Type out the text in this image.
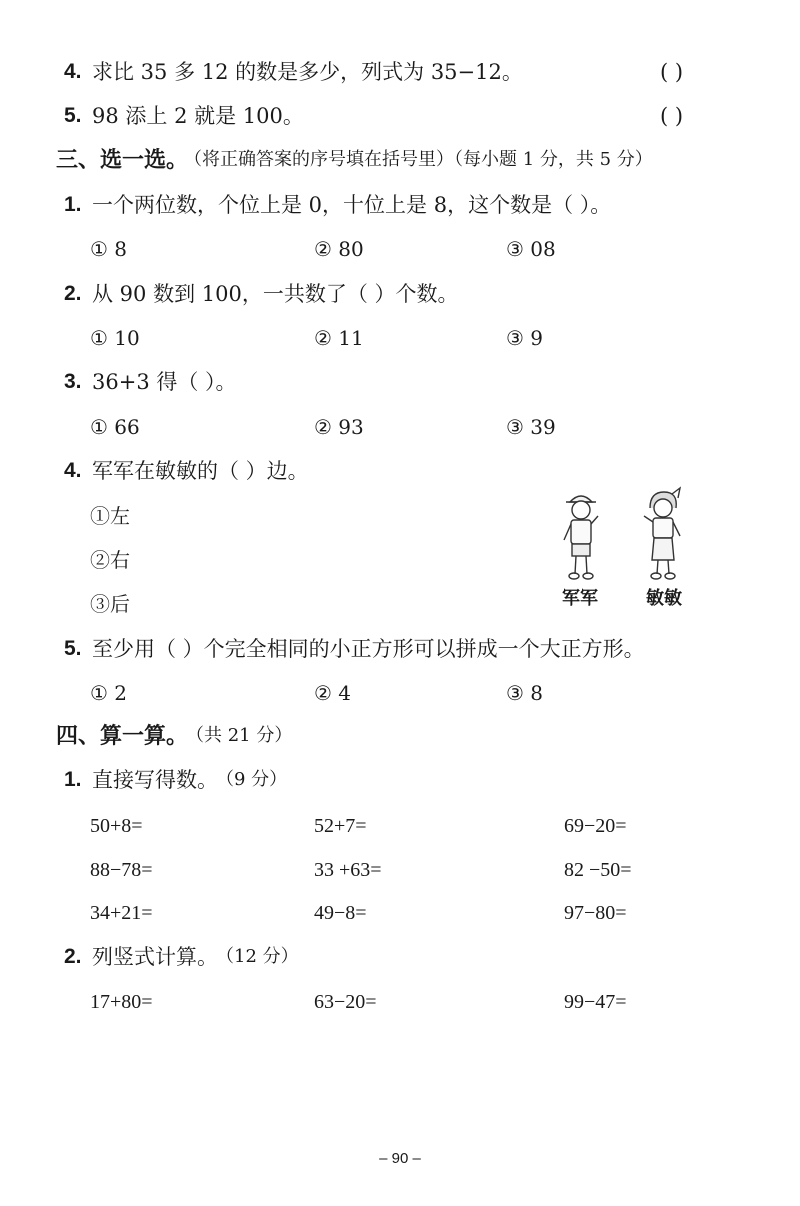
4. 求比 35 多 12 的数是多少，列式为 35−12。	( )
5. 98 添上 2 就是 100。	( )
三、选一选。
（将正确答案的序号填在括号里）（每小题 1 分，共 5 分）
1. 一个两位数，个位上是 0，十位上是 8，这个数是（ ）。
① 8	② 80	③ 08
2. 从 90 数到 100，一共数了（ ）个数。
① 10	② 11	③ 9
3. 36+3 得（ ）。
① 66	② 93	③ 39
4. 军军在敏敏的（ ）边。
①左
②右
③后	军军	敏敏
5. 至少用（ ）个完全相同的小正方形可以拼成一个大正方形。
① 2	② 4	③ 8
四、算一算。
（共 21 分）
1. 直接写得数。
（9 分）
50+8=	52+7=	69−20=
88−78=	33 +63=	82 −50=
34+21=	49−8=	97−80=
2. 列竖式计算。
（12 分）
17+80=	63−20=	99−47=
– 90 –
